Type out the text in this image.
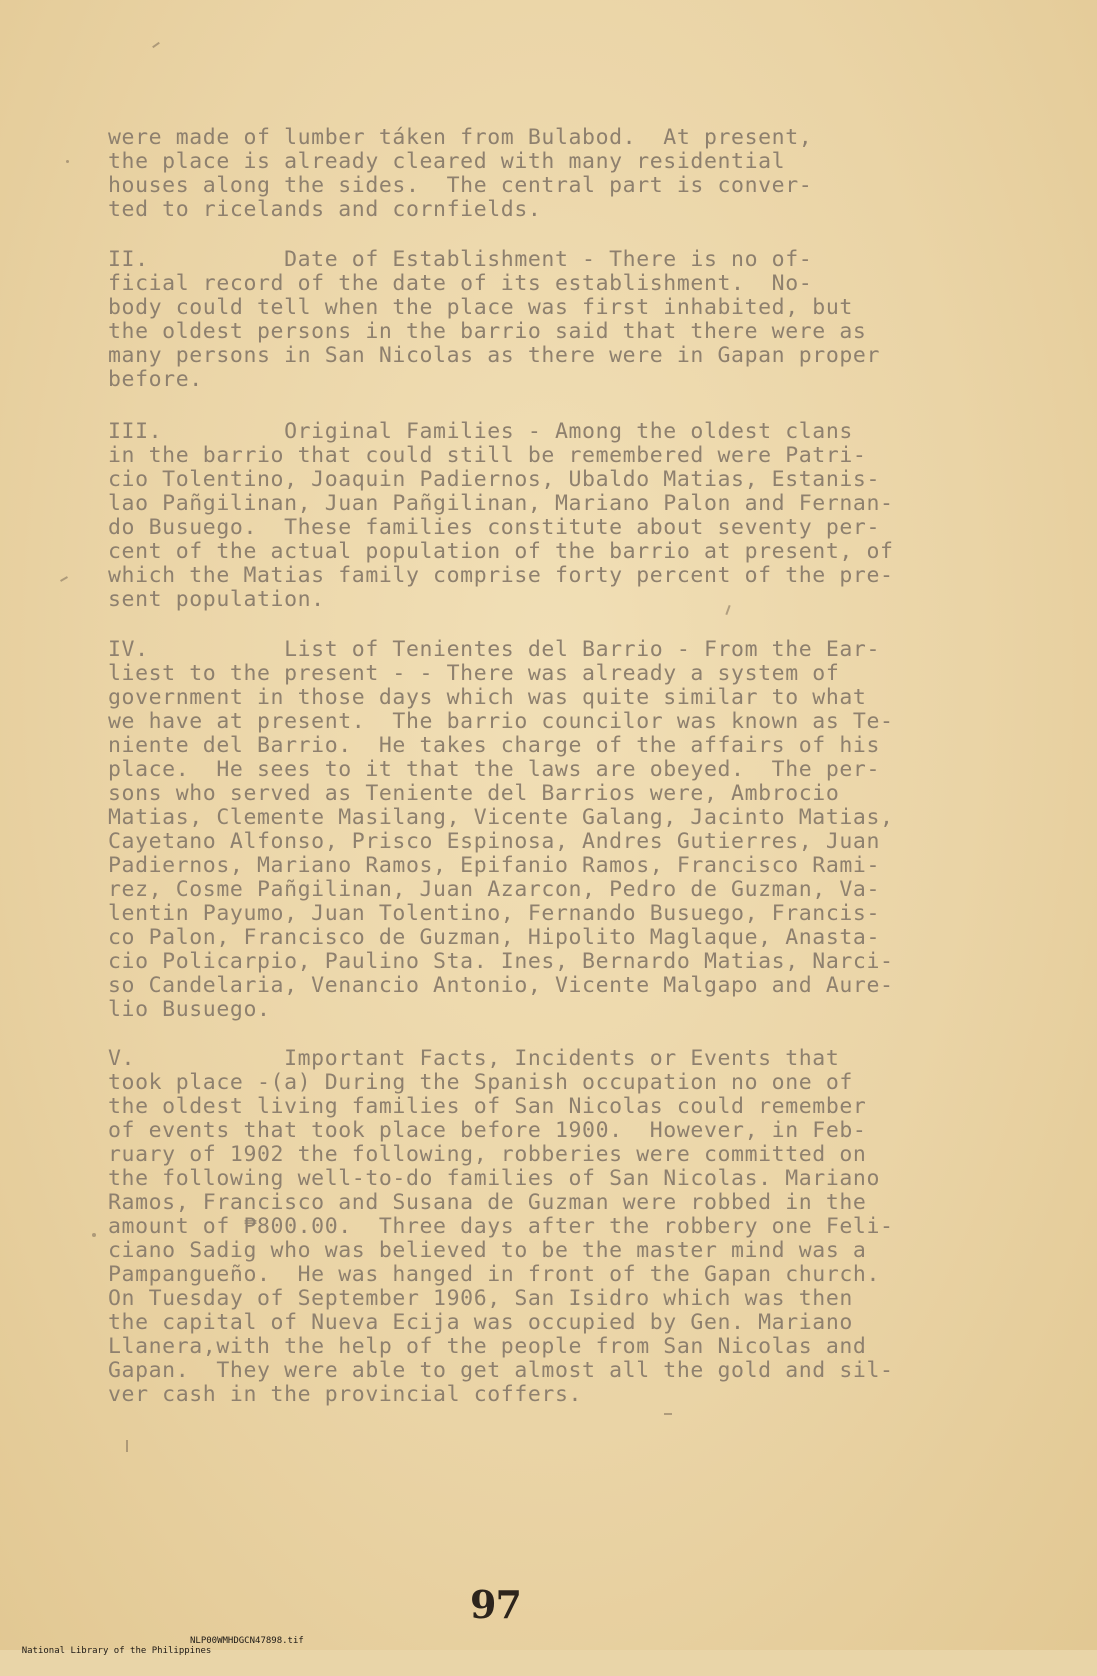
were made of lumber táken from Bulabod.  At present,
the place is already cleared with many residential
houses along the sides.  The central part is conver-
ted to ricelands and cornfields.
II.          Date of Establishment - There is no of-
ficial record of the date of its establishment.  No-
body could tell when the place was first inhabited, but
the oldest persons in the barrio said that there were as
many persons in San Nicolas as there were in Gapan proper
before.
III.         Original Families - Among the oldest clans
in the barrio that could still be remembered were Patri-
cio Tolentino, Joaquin Padiernos, Ubaldo Matias, Estanis-
lao Pañgilinan, Juan Pañgilinan, Mariano Palon and Fernan-
do Busuego.  These families constitute about seventy per-
cent of the actual population of the barrio at present, of
which the Matias family comprise forty percent of the pre-
sent population.
IV.          List of Tenientes del Barrio - From the Ear-
liest to the present - - There was already a system of
government in those days which was quite similar to what
we have at present.  The barrio councilor was known as Te-
niente del Barrio.  He takes charge of the affairs of his
place.  He sees to it that the laws are obeyed.  The per-
sons who served as Teniente del Barrios were, Ambrocio
Matias, Clemente Masilang, Vicente Galang, Jacinto Matias,
Cayetano Alfonso, Prisco Espinosa, Andres Gutierres, Juan
Padiernos, Mariano Ramos, Epifanio Ramos, Francisco Rami-
rez, Cosme Pañgilinan, Juan Azarcon, Pedro de Guzman, Va-
lentin Payumo, Juan Tolentino, Fernando Busuego, Francis-
co Palon, Francisco de Guzman, Hipolito Maglaque, Anasta-
cio Policarpio, Paulino Sta. Ines, Bernardo Matias, Narci-
so Candelaria, Venancio Antonio, Vicente Malgapo and Aure-
lio Busuego.
V.           Important Facts, Incidents or Events that
took place -(a) During the Spanish occupation no one of
the oldest living families of San Nicolas could remember
of events that took place before 1900.  However, in Feb-
ruary of 1902 the following, robberies were committed on
the following well-to-do families of San Nicolas. Mariano
Ramos, Francisco and Susana de Guzman were robbed in the
amount of ₱800.00.  Three days after the robbery one Feli-
ciano Sadig who was believed to be the master mind was a
Pampangueño.  He was hanged in front of the Gapan church.
On Tuesday of September 1906, San Isidro which was then
the capital of Nueva Ecija was occupied by Gen. Mariano
Llanera,with the help of the people from San Nicolas and
Gapan.  They were able to get almost all the gold and sil-
ver cash in the provincial coffers.
97

National Library of the Philippines

NLP00WMHDGCN47898.tif
